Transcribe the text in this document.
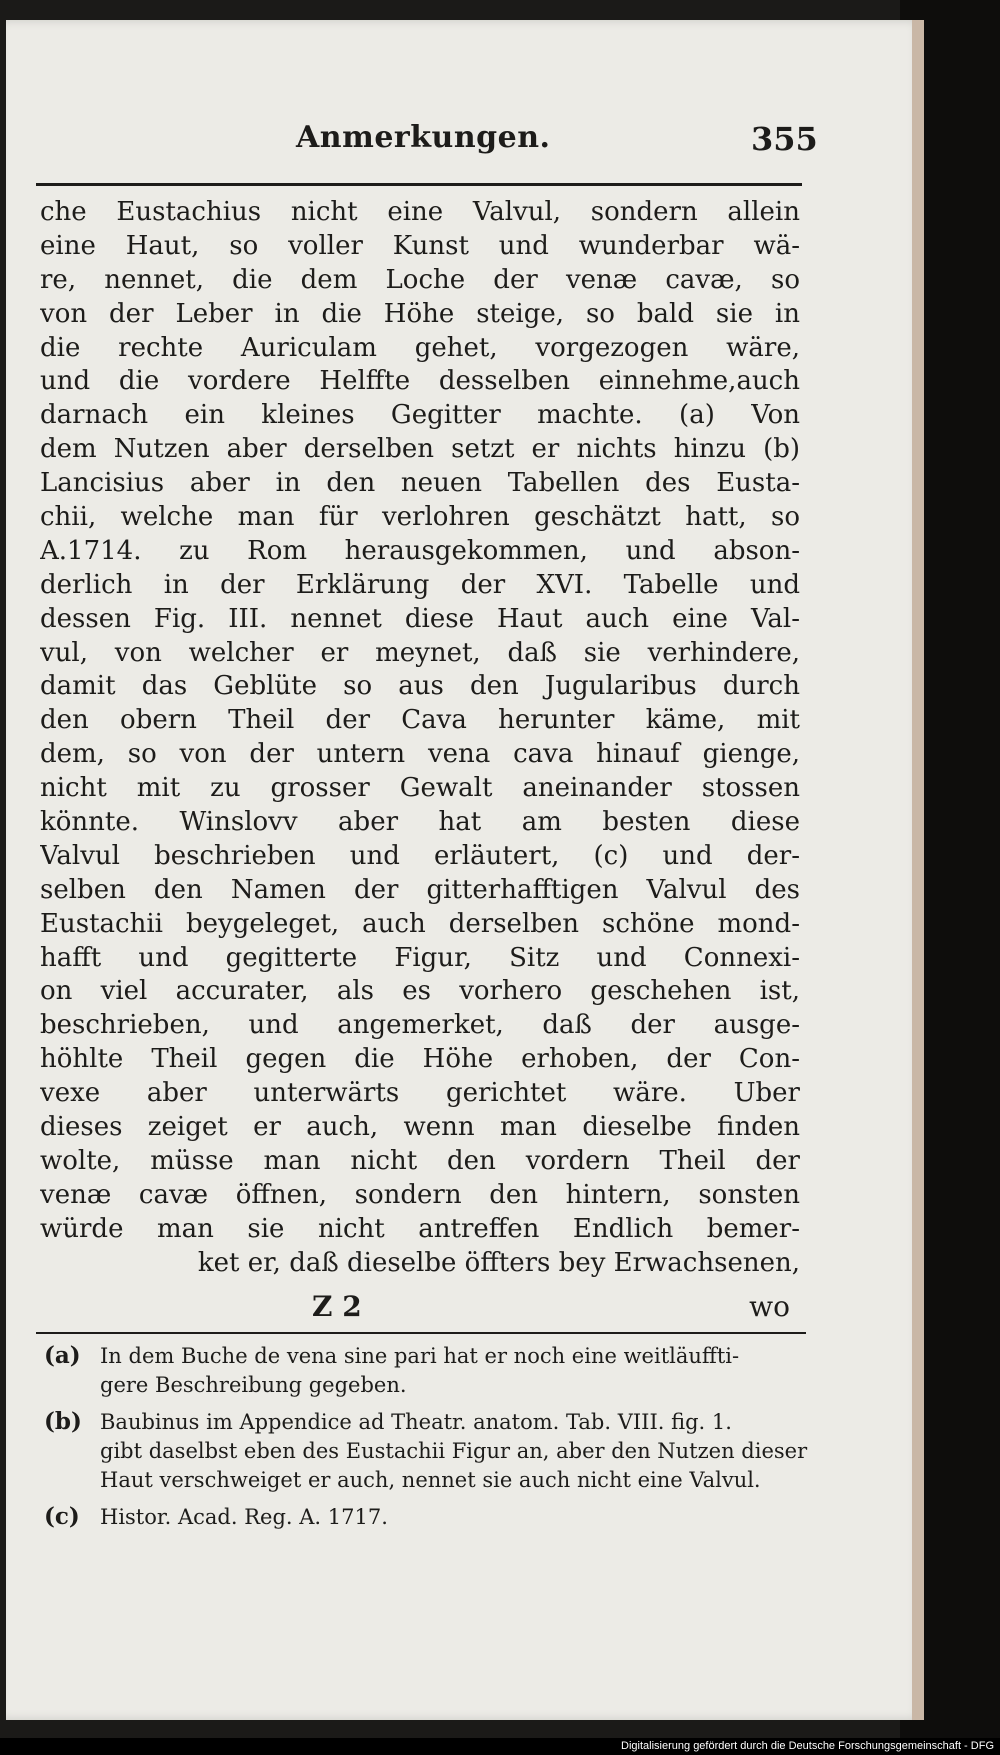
Anmerkungen.	355
che Eustachius nicht eine Valvul, sondern allein
eine Haut, so voller Kunst und wunderbar wä-
re, nennet, die dem Loche der venæ cavæ, so
von der Leber in die Höhe steige, so bald sie in
die rechte Auriculam gehet, vorgezogen wäre,
und die vordere Helffte desselben einnehme,auch
darnach ein kleines Gegitter machte. (a) Von
dem Nutzen aber derselben setzt er nichts hinzu (b)
Lancisius aber in den neuen Tabellen des Eusta-
chii, welche man für verlohren geschätzt hatt, so
A.1714. zu Rom herausgekommen, und abson-
derlich in der Erklärung der XVI. Tabelle und
dessen Fig. III. nennet diese Haut auch eine Val-
vul, von welcher er meynet, daß sie verhindere,
damit das Geblüte so aus den Jugularibus durch
den obern Theil der Cava herunter käme, mit
dem, so von der untern vena cava hinauf gienge,
nicht mit zu grosser Gewalt aneinander stossen
könnte. Winslovv aber hat am besten diese
Valvul beschrieben und erläutert, (c) und der-
selben den Namen der gitterhafftigen Valvul des
Eustachii beygeleget, auch derselben schöne mond-
hafft und gegitterte Figur, Sitz und Connexi-
on viel accurater, als es vorhero geschehen ist,
beschrieben, und angemerket, daß der ausge-
höhlte Theil gegen die Höhe erhoben, der Con-
vexe aber unterwärts gerichtet wäre. Uber
dieses zeiget er auch, wenn man dieselbe finden
wolte, müsse man nicht den vordern Theil der
venæ cavæ öffnen, sondern den hintern, sonsten
würde man sie nicht antreffen Endlich bemer-
ket er, daß dieselbe öffters bey Erwachsenen,
Z 2	wo
(a) In dem Buche de vena sine pari hat er noch eine weitläuffti-
gere Beschreibung gegeben.
(b) Baubinus im Appendice ad Theatr. anatom. Tab. VIII. fig. 1.
gibt daselbst eben des Eustachii Figur an, aber den Nutzen dieser
Haut verschweiget er auch, nennet sie auch nicht eine Valvul.
(c) Histor. Acad. Reg. A. 1717.
Digitalisierung gefördert durch die Deutsche Forschungsgemeinschaft - DFG
